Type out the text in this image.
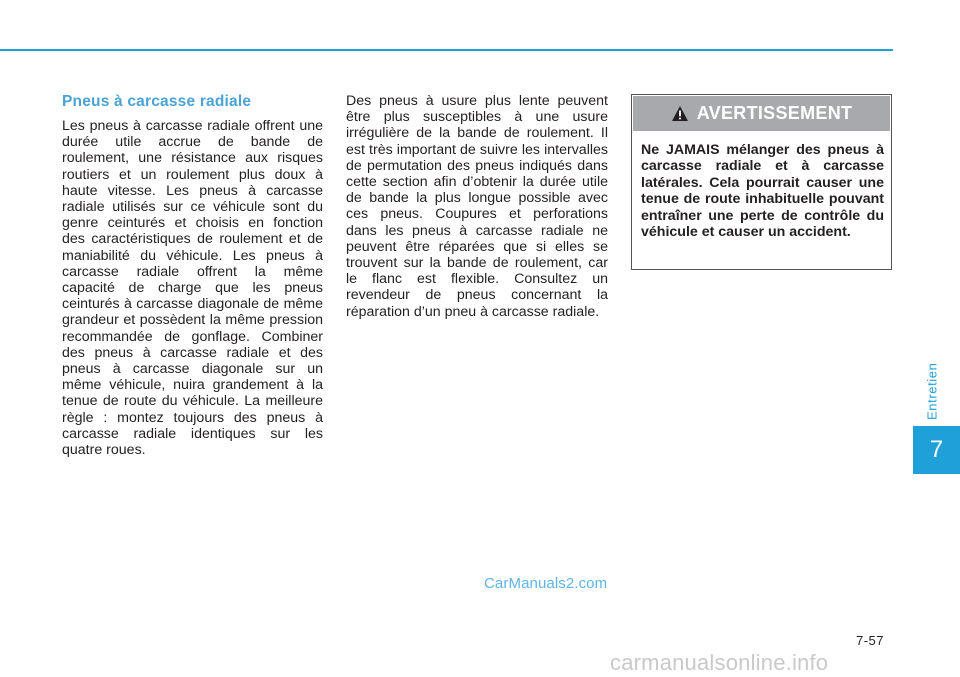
Pneus à carcasse radiale
Les pneus à carcasse radiale offrent une durée utile accrue de bande de roulement, une résistance aux risques routiers et un roulement plus doux à haute vitesse. Les pneus à carcasse radiale utilisés sur ce véhicule sont du genre ceinturés et choisis en fonction des caractéristiques de roulement et de maniabilité du véhicule. Les pneus à carcasse radiale offrent la même capacité de charge que les pneus ceinturés à carcasse diagonale de même grandeur et possèdent la même pression recommandée de gonflage. Combiner des pneus à carcasse radiale et des pneus à carcasse diagonale sur un même véhicule, nuira grandement à la tenue de route du véhicule. La meilleure règle : montez toujours des pneus à carcasse radiale identiques sur les quatre roues.
Des pneus à usure plus lente peuvent être plus susceptibles à une usure irrégulière de la bande de roulement. Il est très important de suivre les intervalles de permutation des pneus indiqués dans cette section afin d’obtenir la durée utile de bande la plus longue possible avec ces pneus. Coupures et perforations dans les pneus à carcasse radiale ne peuvent être réparées que si elles se trouvent sur la bande de roulement, car le flanc est flexible. Consultez un revendeur de pneus concernant la réparation d’un pneu à carcasse radiale.
AVERTISSEMENT
Ne JAMAIS mélanger des pneus à carcasse radiale et à carcasse latérales. Cela pourrait causer une tenue de route inhabituelle pouvant entraîner une perte de contrôle du véhicule et causer un accident.
Entretien
7
CarManuals2.com
7-57
carmanualsonline.info
